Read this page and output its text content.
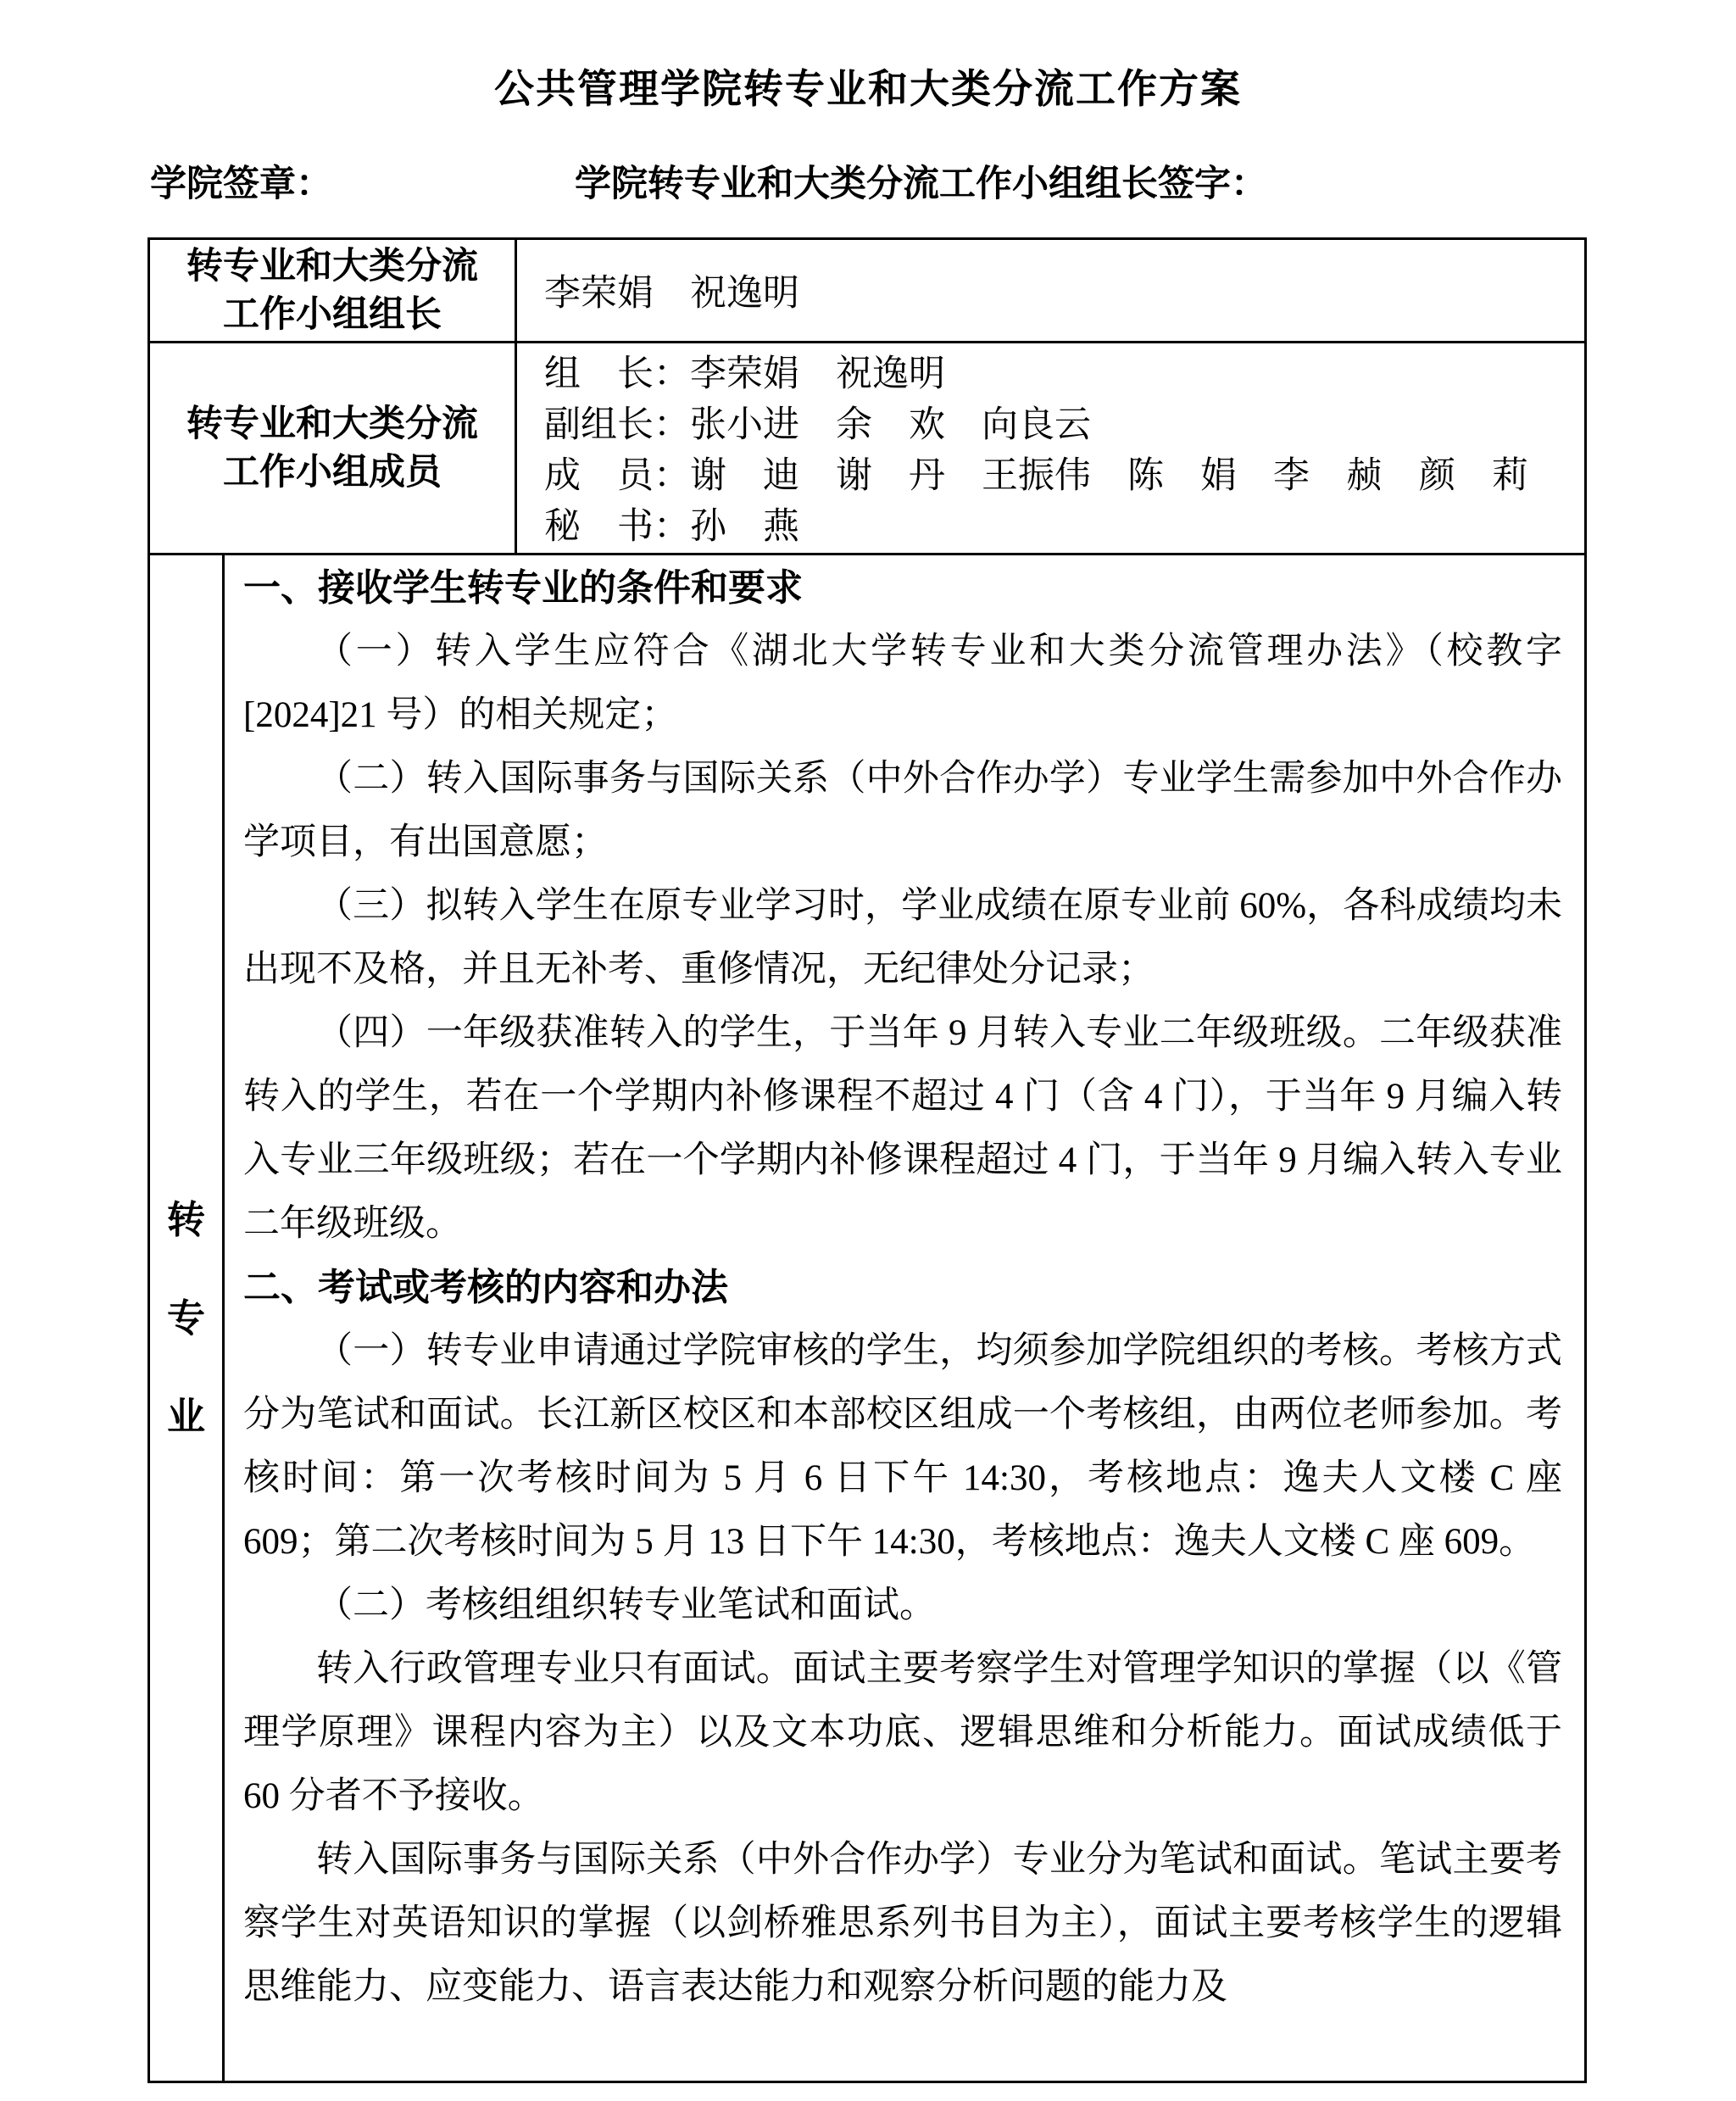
公共管理学院转专业和大类分流工作方案
学院签章：	学院转专业和大类分流工作小组组长签字：
转专业和大类分流
工作小组组长	李荣娟　祝逸明
转专业和大类分流
工作小组成员
组　长：李荣娟　祝逸明
副组长：张小进　余　欢　向良云
成　员：谢　迪　谢　丹　王振伟　陈　娟　李　赪　颜　莉
秘　书：孙　燕
转
专
业
一、接收学生转专业的条件和要求
（一）转入学生应符合《湖北大学转专业和大类分流管理办法》（校教字[2024]21 号）的相关规定；
（二）转入国际事务与国际关系（中外合作办学）专业学生需参加中外合作办学项目，有出国意愿；
（三）拟转入学生在原专业学习时，学业成绩在原专业前 60%，各科成绩均未出现不及格，并且无补考、重修情况，无纪律处分记录；
（四）一年级获准转入的学生，于当年 9 月转入专业二年级班级。二年级获准转入的学生，若在一个学期内补修课程不超过 4 门（含 4 门），于当年 9 月编入转入专业三年级班级；若在一个学期内补修课程超过 4 门，于当年 9 月编入转入专业二年级班级。
二、考试或考核的内容和办法
（一）转专业申请通过学院审核的学生，均须参加学院组织的考核。考核方式分为笔试和面试。长江新区校区和本部校区组成一个考核组，由两位老师参加。考核时间：第一次考核时间为 5 月 6 日下午 14:30，考核地点：逸夫人文楼 C 座 609；第二次考核时间为 5 月 13 日下午 14:30，考核地点：逸夫人文楼 C 座 609。
（二）考核组组织转专业笔试和面试。
转入行政管理专业只有面试。面试主要考察学生对管理学知识的掌握（以《管理学原理》课程内容为主）以及文本功底、逻辑思维和分析能力。面试成绩低于 60 分者不予接收。
转入国际事务与国际关系（中外合作办学）专业分为笔试和面试。笔试主要考察学生对英语知识的掌握（以剑桥雅思系列书目为主），面试主要考核学生的逻辑思维能力、应变能力、语言表达能力和观察分析问题的能力及
